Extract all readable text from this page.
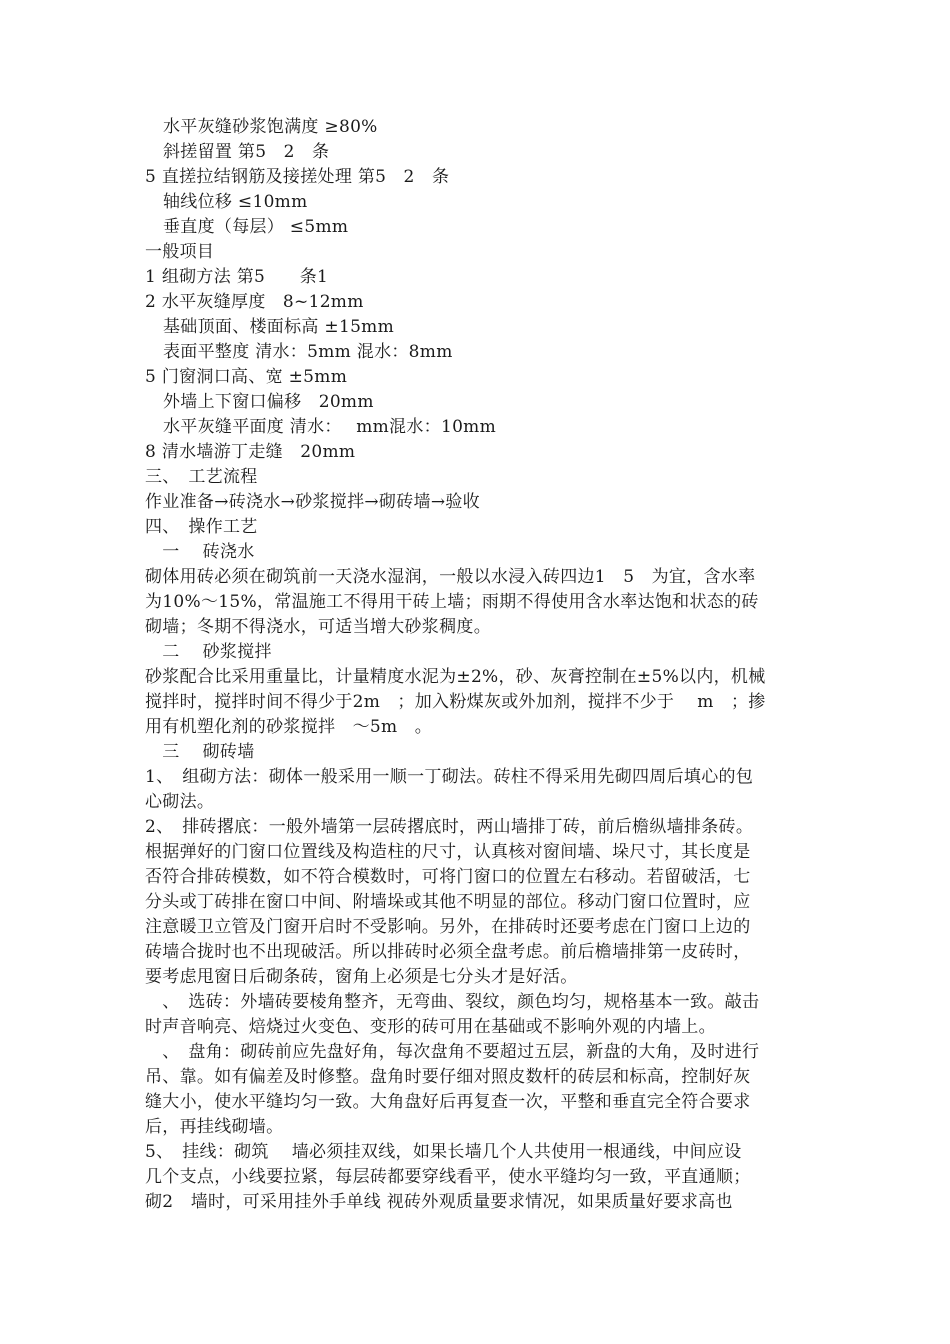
水平灰缝砂浆饱满度 ≥80%
斜搓留置 第5　2　条
5 直搓拉结钢筋及接搓处理 第5　2　条
轴线位移 ≤10mm
垂直度（每层） ≤5mm
一般项目
1 组砌方法 第5　　条1
2 水平灰缝厚度　8~12mm
基础顶面、楼面标高 ±15mm
表面平整度 清水：5mm 混水：8mm
5 门窗洞口高、宽 ±5mm
外墙上下窗口偏移　20mm
水平灰缝平面度 清水：　 mm混水：10mm
8 清水墙游丁走缝　20mm
三、　工艺流程
作业准备→砖浇水→砂浆搅拌→砌砖墙→验收
四、　操作工艺
　一　 砖浇水
砌体用砖必须在砌筑前一天浇水湿润，一般以水浸入砖四边1　5　为宜，含水率
为10%～15%，常温施工不得用干砖上墙；雨期不得使用含水率达饱和状态的砖
砌墙；冬期不得浇水，可适当增大砂浆稠度。
　二　 砂浆搅拌
砂浆配合比采用重量比，计量精度水泥为±2%，砂、灰膏控制在±5%以内，机械
搅拌时，搅拌时间不得少于2m　；加入粉煤灰或外加剂，搅拌不少于　 m　；掺
用有机塑化剂的砂浆搅拌　～5m　。
　三　 砌砖墙
1、　组砌方法：砌体一般采用一顺一丁砌法。砖柱不得采用先砌四周后填心的包
心砌法。
2、　排砖撂底：一般外墙第一层砖撂底时，两山墙排丁砖，前后檐纵墙排条砖。
根据弹好的门窗口位置线及构造柱的尺寸，认真核对窗间墙、垛尺寸，其长度是
否符合排砖模数，如不符合模数时，可将门窗口的位置左右移动。若留破活，七
分头或丁砖排在窗口中间、附墙垛或其他不明显的部位。移动门窗口位置时，应
注意暖卫立管及门窗开启时不受影响。另外，在排砖时还要考虑在门窗口上边的
砖墙合拢时也不出现破活。所以排砖时必须全盘考虑。前后檐墙排第一皮砖时，
要考虑甩窗日后砌条砖，窗角上必须是七分头才是好活。
　、　选砖：外墙砖要棱角整齐，无弯曲、裂纹，颜色均匀，规格基本一致。敲击
时声音响亮、焙烧过火变色、变形的砖可用在基础或不影响外观的内墙上。
　、　盘角：砌砖前应先盘好角，每次盘角不要超过五层，新盘的大角，及时进行
吊、靠。如有偏差及时修整。盘角时要仔细对照皮数杆的砖层和标高，控制好灰
缝大小，使水平缝均匀一致。大角盘好后再复查一次，平整和垂直完全符合要求
后，再挂线砌墙。
5、　挂线：砌筑　 墙必须挂双线，如果长墙几个人共使用一根通线，中间应设
几个支点，小线要拉紧，每层砖都要穿线看平，使水平缝均匀一致，平直通顺；
砌2　墙时，可采用挂外手单线 视砖外观质量要求情况，如果质量好要求高也
